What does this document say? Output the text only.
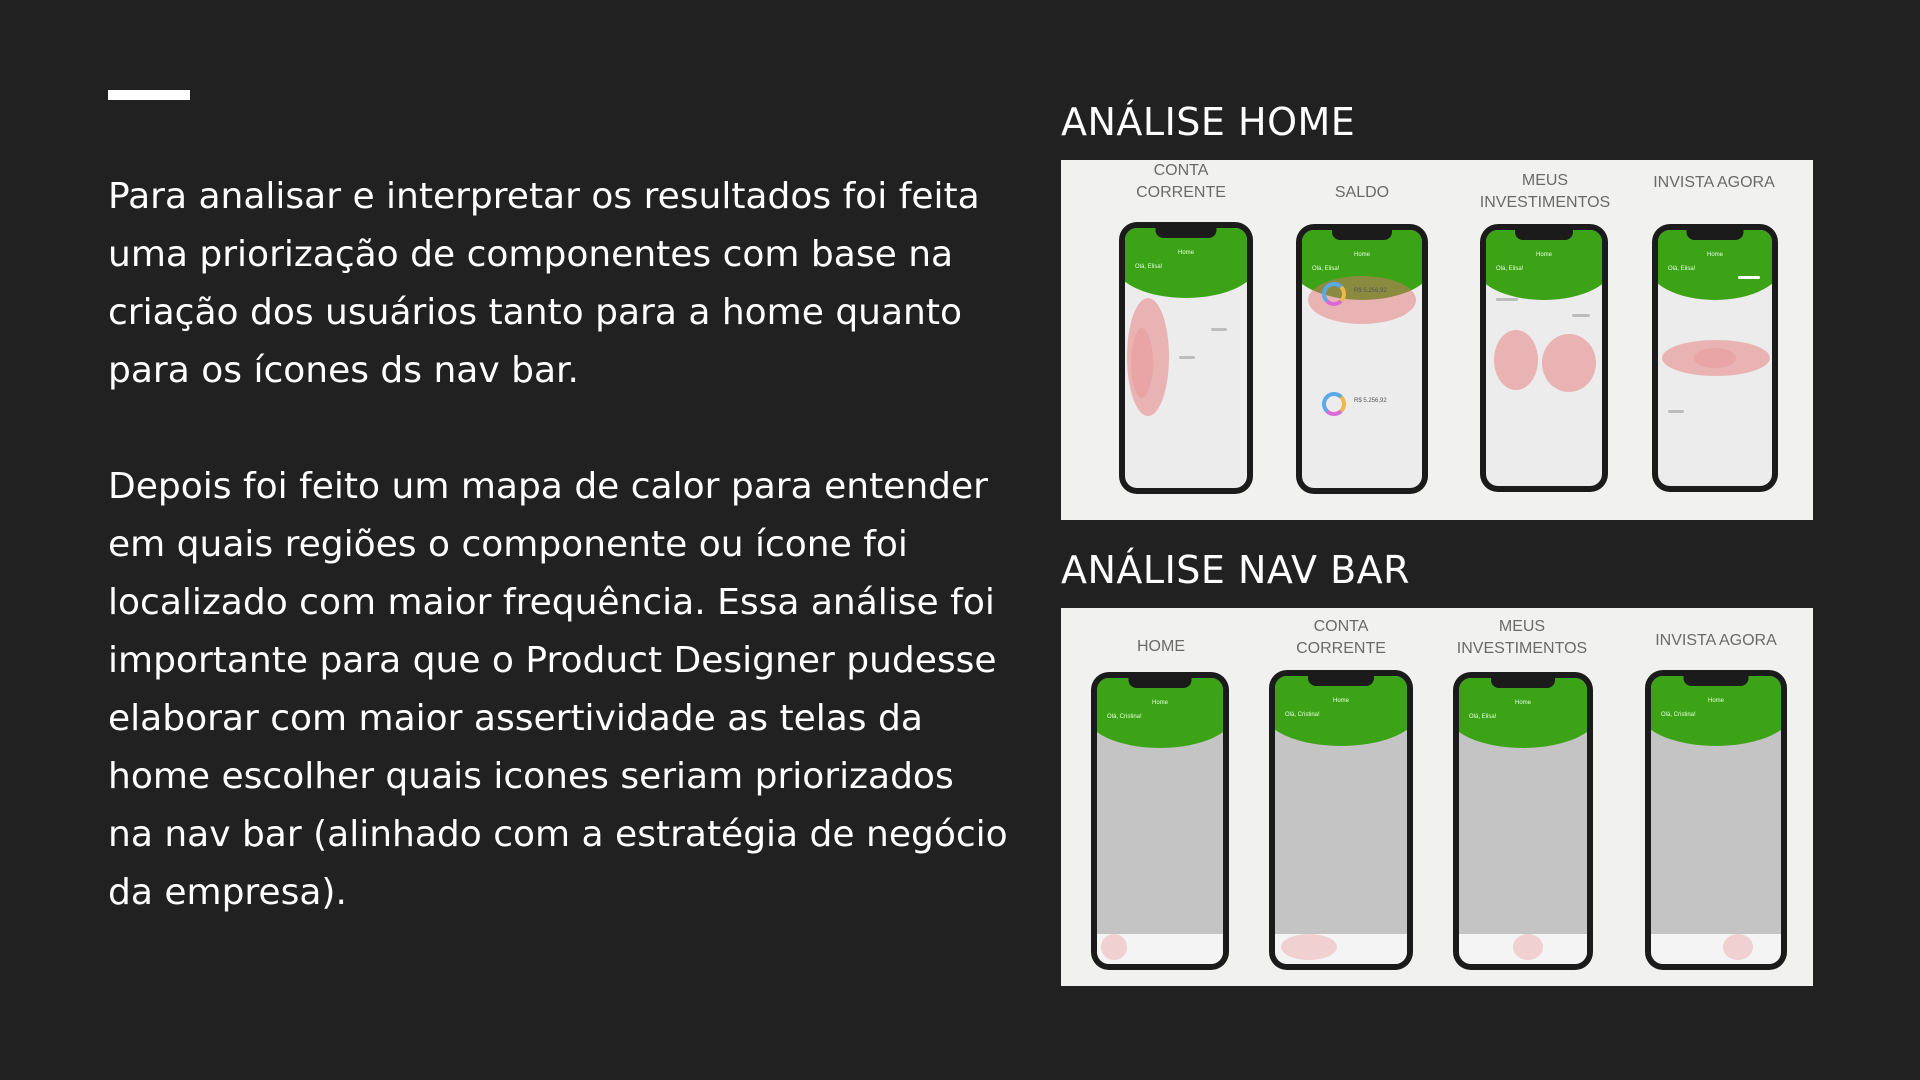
Para analisar e interpretar os resultados foi feita uma priorização de componentes com base na criação dos usuários tanto para a home quanto para os ícones ds nav bar.

Depois foi feito um mapa de calor para entender em quais regiões o componente ou ícone foi localizado com maior frequência. Essa análise foi importante para que o Product Designer pudesse elaborar com maior assertividade as telas da home escolher quais icones seriam priorizados na nav bar (alinhado com a estratégia de negócio da empresa).

ANÁLISE HOME
CONTA CORRENTE
Home
Olá, Elisa!
SALDO
Home
Olá, Elisa!
R$ 5.256,92
R$ 5.256,92
MEUS INVESTIMENTOS
Home
Olá, Elisa!
INVISTA AGORA
Home
Olá, Elisa!
ANÁLISE NAV BAR
HOME
Home
Olá, Cristina!
CONTA CORRENTE
Home
Olá, Cristina!
MEUS INVESTIMENTOS
Home
Olá, Elisa!
INVISTA AGORA
Home
Olá, Cristina!
